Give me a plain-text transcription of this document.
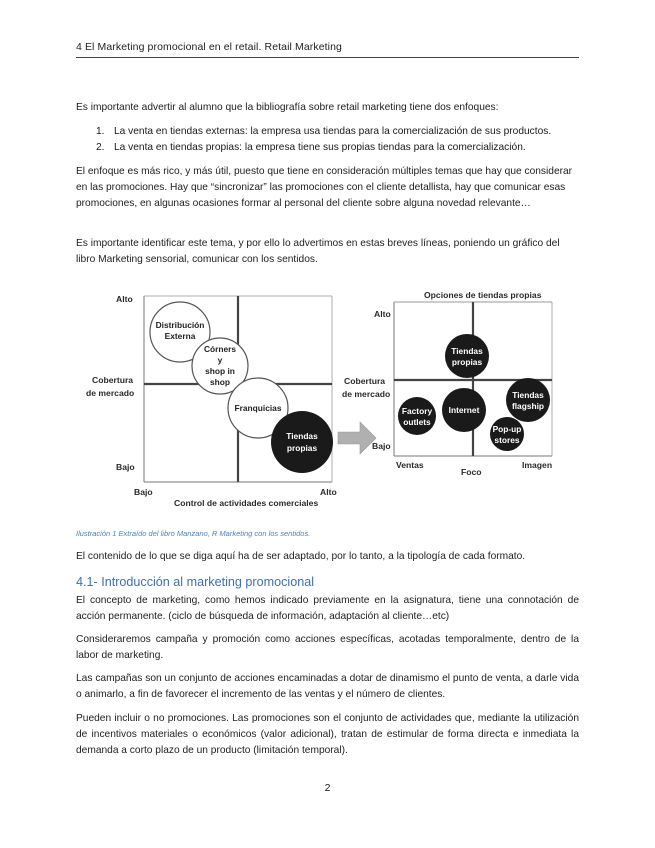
4 El Marketing promocional en el retail. Retail Marketing
Es importante advertir al alumno que la bibliografía sobre retail marketing tiene dos enfoques:
1. La venta en tiendas externas: la empresa usa tiendas para la comercialización de sus productos.
2. La venta en tiendas propias: la empresa tiene sus propias tiendas para la comercialización.
El enfoque es más rico, y más útil, puesto que tiene en consideración múltiples temas que hay que considerar en las promociones. Hay que “sincronizar” las promociones con el cliente detallista, hay que comunicar esas promociones, en algunas ocasiones formar al personal del cliente sobre alguna novedad relevante…
Es importante identificar este tema, y por ello lo advertimos en estas breves líneas, poniendo un gráfico del libro Marketing sensorial, comunicar con los sentidos.
Alto
Cobertura
de mercado
Bajo
Bajo	Alto
Control de actividades comerciales
Distribución
Externa
Córners
y
shop in
shop
Franquicias
Tiendas
propias
Opciones de tiendas propias
Alto
Cobertura
de mercado
Bajo
Ventas
Foco
Imagen
Tiendas
propias
Factory
outlets
Internet
Tiendas
flagship
Pop-up
stores
Ilustración 1 Extraído del libro Manzano, R Marketing con los sentidos.
El contenido de lo que se diga aquí ha de ser adaptado, por lo tanto, a la tipología de cada formato.
4.1- Introducción al marketing promocional
El concepto de marketing, como hemos indicado previamente en la asignatura, tiene una connotación de acción permanente. (ciclo de búsqueda de información, adaptación al cliente…etc)
Consideraremos campaña y promoción como acciones específicas, acotadas temporalmente, dentro de la labor de marketing.
Las campañas son un conjunto de acciones encaminadas a dotar de dinamismo el punto de venta, a darle vida o animarlo, a fin de favorecer el incremento de las ventas y el número de clientes.
Pueden incluir o no promociones. Las promociones son el conjunto de actividades que, mediante la utilización de incentivos materiales o económicos (valor adicional), tratan de estimular de forma directa e inmediata la demanda a corto plazo de un producto (limitación temporal).
2
